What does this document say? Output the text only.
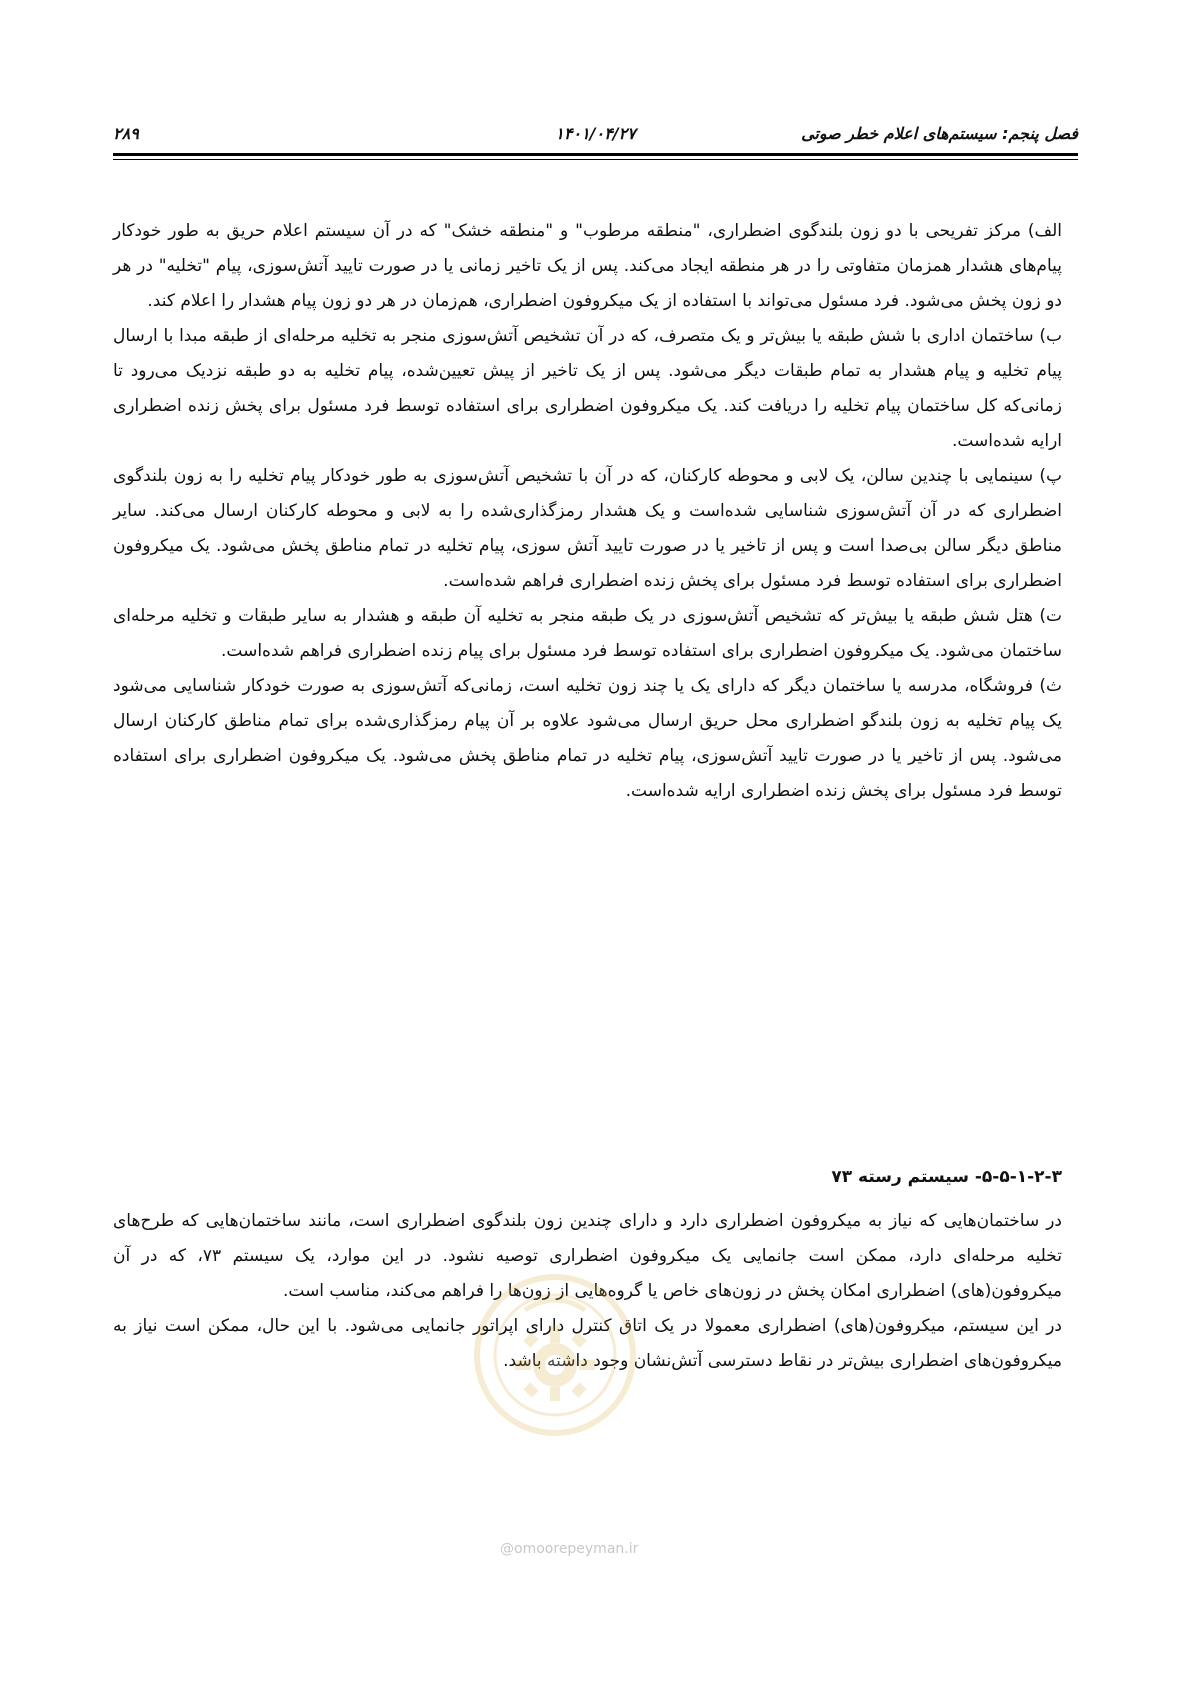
فصل پنجم: سیستم‌های اعلام خطر صوتی
۱۴۰۱/۰۴/۲۷
۲۸۹

الف) مرکز تفریحی با دو زون بلندگوی اضطراری، "منطقه مرطوب" و "منطقه خشک" که در آن سیستم اعلام حریق به طور خودکار پیام‌های هشدار همزمان متفاوتی را در هر منطقه ایجاد می‌کند. پس از یک تاخیر زمانی یا در صورت تایید آتش‌سوزی، پیام "تخلیه" در هر دو زون پخش می‌شود. فرد مسئول می‌تواند با استفاده از یک میکروفون اضطراری، هم‌زمان در هر دو زون پیام هشدار را اعلام کند.

ب) ساختمان اداری با شش طبقه یا بیش‌تر و یک متصرف، که در آن تشخیص آتش‌سوزی منجر به تخلیه مرحله‌ای از طبقه مبدا با ارسال پیام تخلیه و پیام هشدار به تمام طبقات دیگر می‌شود. پس از یک تاخیر از پیش تعیین‌شده، پیام تخلیه به دو طبقه نزدیک می‌رود تا زمانی‌که کل ساختمان پیام تخلیه را دریافت کند. یک میکروفون اضطراری برای استفاده توسط فرد مسئول برای پخش زنده اضطراری ارایه شده‌است.

پ) سینمایی با چندین سالن، یک لابی و محوطه کارکنان، که در آن با تشخیص آتش‌سوزی به طور خودکار پیام تخلیه را به زون بلندگوی اضطراری که در آن آتش‌سوزی شناسایی شده‌است و یک هشدار رمزگذاری‌شده را به لابی و محوطه کارکنان ارسال می‌کند. سایر مناطق دیگر سالن بی‌صدا است و پس از تاخیر یا در صورت تایید آتش سوزی، پیام تخلیه در تمام مناطق پخش می‌شود. یک میکروفون اضطراری برای استفاده توسط فرد مسئول برای پخش زنده اضطراری فراهم شده‌است.

ت) هتل شش طبقه یا بیش‌تر که تشخیص آتش‌سوزی در یک طبقه منجر به تخلیه آن طبقه و هشدار به سایر طبقات و تخلیه مرحله‌ای ساختمان می‌شود. یک میکروفون اضطراری برای استفاده توسط فرد مسئول برای پیام زنده اضطراری فراهم شده‌است.

ث) فروشگاه، مدرسه یا ساختمان دیگر که دارای یک یا چند زون تخلیه است، زمانی‌که آتش‌سوزی به صورت خودکار شناسایی می‌شود یک پیام تخلیه به زون بلندگو اضطراری محل حریق ارسال می‌شود علاوه بر آن پیام رمزگذاری‌شده برای تمام مناطق کارکنان ارسال می‌شود. پس از تاخیر یا در صورت تایید آتش‌سوزی، پیام تخلیه در تمام مناطق پخش می‌شود. یک میکروفون اضطراری برای استفاده توسط فرد مسئول برای پخش زنده اضطراری ارایه شده‌است.

۵-۵-۱-۲-۳- سیستم رسته ۷۳

در ساختمان‌هایی که نیاز به میکروفون اضطراری دارد و دارای چندین زون بلندگوی اضطراری است، مانند ساختمان‌هایی که طرح‌های تخلیه مرحله‌ای دارد، ممکن است جانمایی یک میکروفون اضطراری توصیه نشود. در این موارد، یک سیستم ۷۳، که در آن میکروفون(های) اضطراری امکان پخش در زون‌های خاص یا گروه‌هایی از زون‌ها را فراهم می‌کند، مناسب است.

در این سیستم، میکروفون(های) اضطراری معمولا در یک اتاق کنترل دارای اپراتور جانمایی می‌شود. با این حال، ممکن است نیاز به میکروفون‌های اضطراری بیش‌تر در نقاط دسترسی آتش‌نشان وجود داشته باشد.

@omoorepeyman.ir
